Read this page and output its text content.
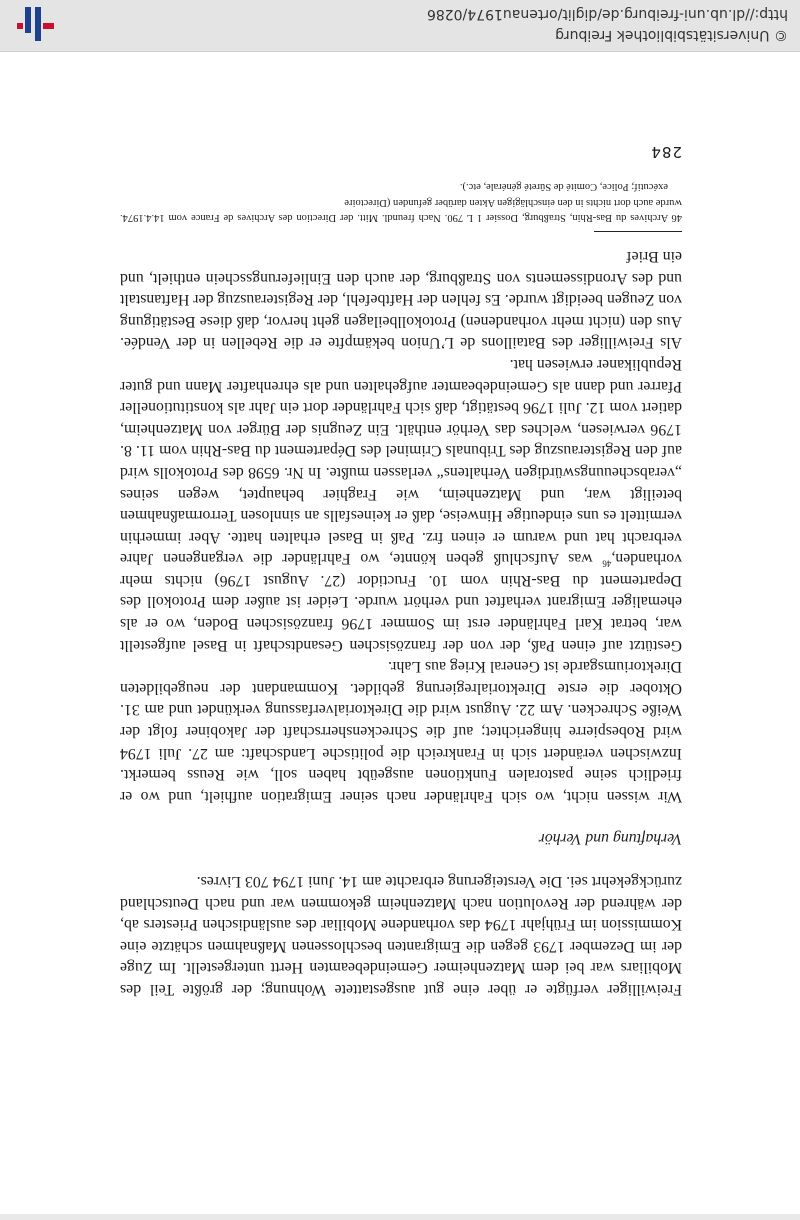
Freiwilliger verfügte er über eine gut ausgestattete Wohnung; der größte Teil des Mobiliars war bei dem Matzenheimer Gemeindebeamten Hertt untergestellt. Im Zuge der im Dezember 1793 gegen die Emigranten beschlossenen Maßnahmen schätzte eine Kommission im Frühjahr 1794 das vorhandene Mobiliar des ausländischen Priesters ab, der während der Revolution nach Matzenheim gekommen war und nach Deutschland zurückgekehrt sei. Die Versteigerung erbrachte am 14. Juni 1794 703 Livres.

Verhaftung und Verhör

Wir wissen nicht, wo sich Fahrländer nach seiner Emigration aufhielt, und wo er friedlich seine pastoralen Funktionen ausgeübt haben soll, wie Reuss bemerkt. Inzwischen verändert sich in Frankreich die politische Landschaft: am 27. Juli 1794 wird Robespierre hingerichtet; auf die Schreckensherrschaft der Jakobiner folgt der Weiße Schrecken. Am 22. August wird die Direktorialverfassung verkündet und am 31. Oktober die erste Direktorialregierung gebildet. Kommandant der neugebildeten Direktoriumsgarde ist General Krieg aus Lahr.

Gestützt auf einen Paß, der von der französischen Gesandtschaft in Basel aufgestellt war, betrat Karl Fahrländer erst im Sommer 1796 französischen Boden, wo er als ehemaliger Emigrant verhaftet und verhört wurde. Leider ist außer dem Protokoll des Departement du Bas-Rhin vom 10. Fructidor (27. August 1796) nichts mehr vorhanden,$^{46}$ was Aufschluß geben könnte, wo Fahrländer die vergangenen Jahre verbracht hat und warum er einen frz. Paß in Basel erhalten hatte. Aber immerhin vermittelt es uns eindeutige Hinweise, daß er keinesfalls an sinnlosen Terrormaßnahmen beteiligt war, und Matzenheim, wie Fraghier behauptet, wegen seines „verabscheuungswürdigen Verhaltens“ verlassen mußte. In Nr. 6598 des Protokolls wird auf den Registerauszug des Tribunals Criminel des Département du Bas-Rhin vom 11. 8. 1796 verwiesen, welches das Verhör enthält. Ein Zeugnis der Bürger von Matzenheim, datiert vom 12. Juli 1796 bestätigt, daß sich Fahrländer dort ein Jahr als konstitutioneller Pfarrer und dann als Gemeindebeamter aufgehalten und als ehrenhafter Mann und guter Republikaner erwiesen hat.

Als Freiwilliger des Bataillons de L’Union bekämpfte er die Rebellen in der Vendée. Aus den (nicht mehr vorhandenen) Protokollbeilagen geht hervor, daß diese Bestätigung von Zeugen beeidigt wurde. Es fehlen der Haftbefehl, der Registerauszug der Haftanstalt und des Arondissements von Straßburg, der auch den Einlieferungsschein enthielt, und ein Brief

46 Archives du Bas-Rhin, Straßburg, Dossier 1 L 790. Nach freundl. Mitt. der Direction des Archives de France vom 14.4.1974. wurde auch dort nichts in den einschlägigen Akten darüber gefunden (Directoire

exécutif; Police, Comité de Sûreté générale, etc.).

284
© Universitätsbibliothek Freiburg
http://dl.ub.uni-freiburg.de/diglit/ortenau1974/0286
